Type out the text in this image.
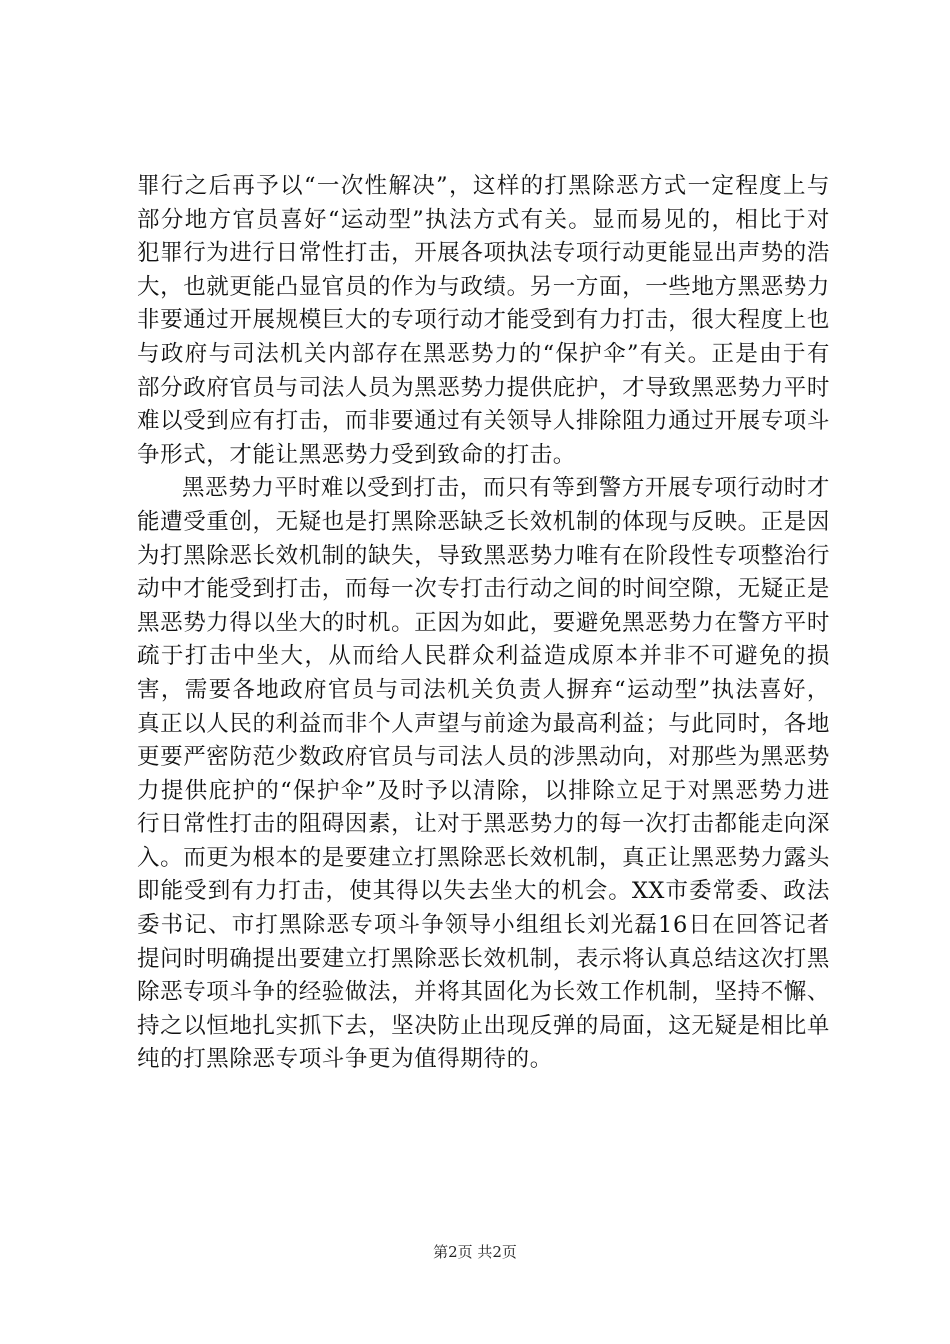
罪行之后再予以“一次性解决”，这样的打黑除恶方式一定程度上与部分地方官员喜好“运动型”执法方式有关。显而易见的，相比于对犯罪行为进行日常性打击，开展各项执法专项行动更能显出声势的浩大，也就更能凸显官员的作为与政绩。另一方面，一些地方黑恶势力非要通过开展规模巨大的专项行动才能受到有力打击，很大程度上也与政府与司法机关内部存在黑恶势力的“保护伞”有关。正是由于有部分政府官员与司法人员为黑恶势力提供庇护，才导致黑恶势力平时难以受到应有打击，而非要通过有关领导人排除阻力通过开展专项斗争形式，才能让黑恶势力受到致命的打击。

黑恶势力平时难以受到打击，而只有等到警方开展专项行动时才能遭受重创，无疑也是打黑除恶缺乏长效机制的体现与反映。正是因为打黑除恶长效机制的缺失，导致黑恶势力唯有在阶段性专项整治行动中才能受到打击，而每一次专打击行动之间的时间空隙，无疑正是黑恶势力得以坐大的时机。正因为如此，要避免黑恶势力在警方平时疏于打击中坐大，从而给人民群众利益造成原本并非不可避免的损害，需要各地政府官员与司法机关负责人摒弃“运动型”执法喜好，真正以人民的利益而非个人声望与前途为最高利益；与此同时，各地更要严密防范少数政府官员与司法人员的涉黑动向，对那些为黑恶势力提供庇护的“保护伞”及时予以清除，以排除立足于对黑恶势力进行日常性打击的阻碍因素，让对于黑恶势力的每一次打击都能走向深入。而更为根本的是要建立打黑除恶长效机制，真正让黑恶势力露头即能受到有力打击，使其得以失去坐大的机会。XX市委常委、政法委书记、市打黑除恶专项斗争领导小组组长刘光磊16日在回答记者提问时明确提出要建立打黑除恶长效机制，表示将认真总结这次打黑除恶专项斗争的经验做法，并将其固化为长效工作机制，坚持不懈、持之以恒地扎实抓下去，坚决防止出现反弹的局面，这无疑是相比单纯的打黑除恶专项斗争更为值得期待的。

第2页 共2页
